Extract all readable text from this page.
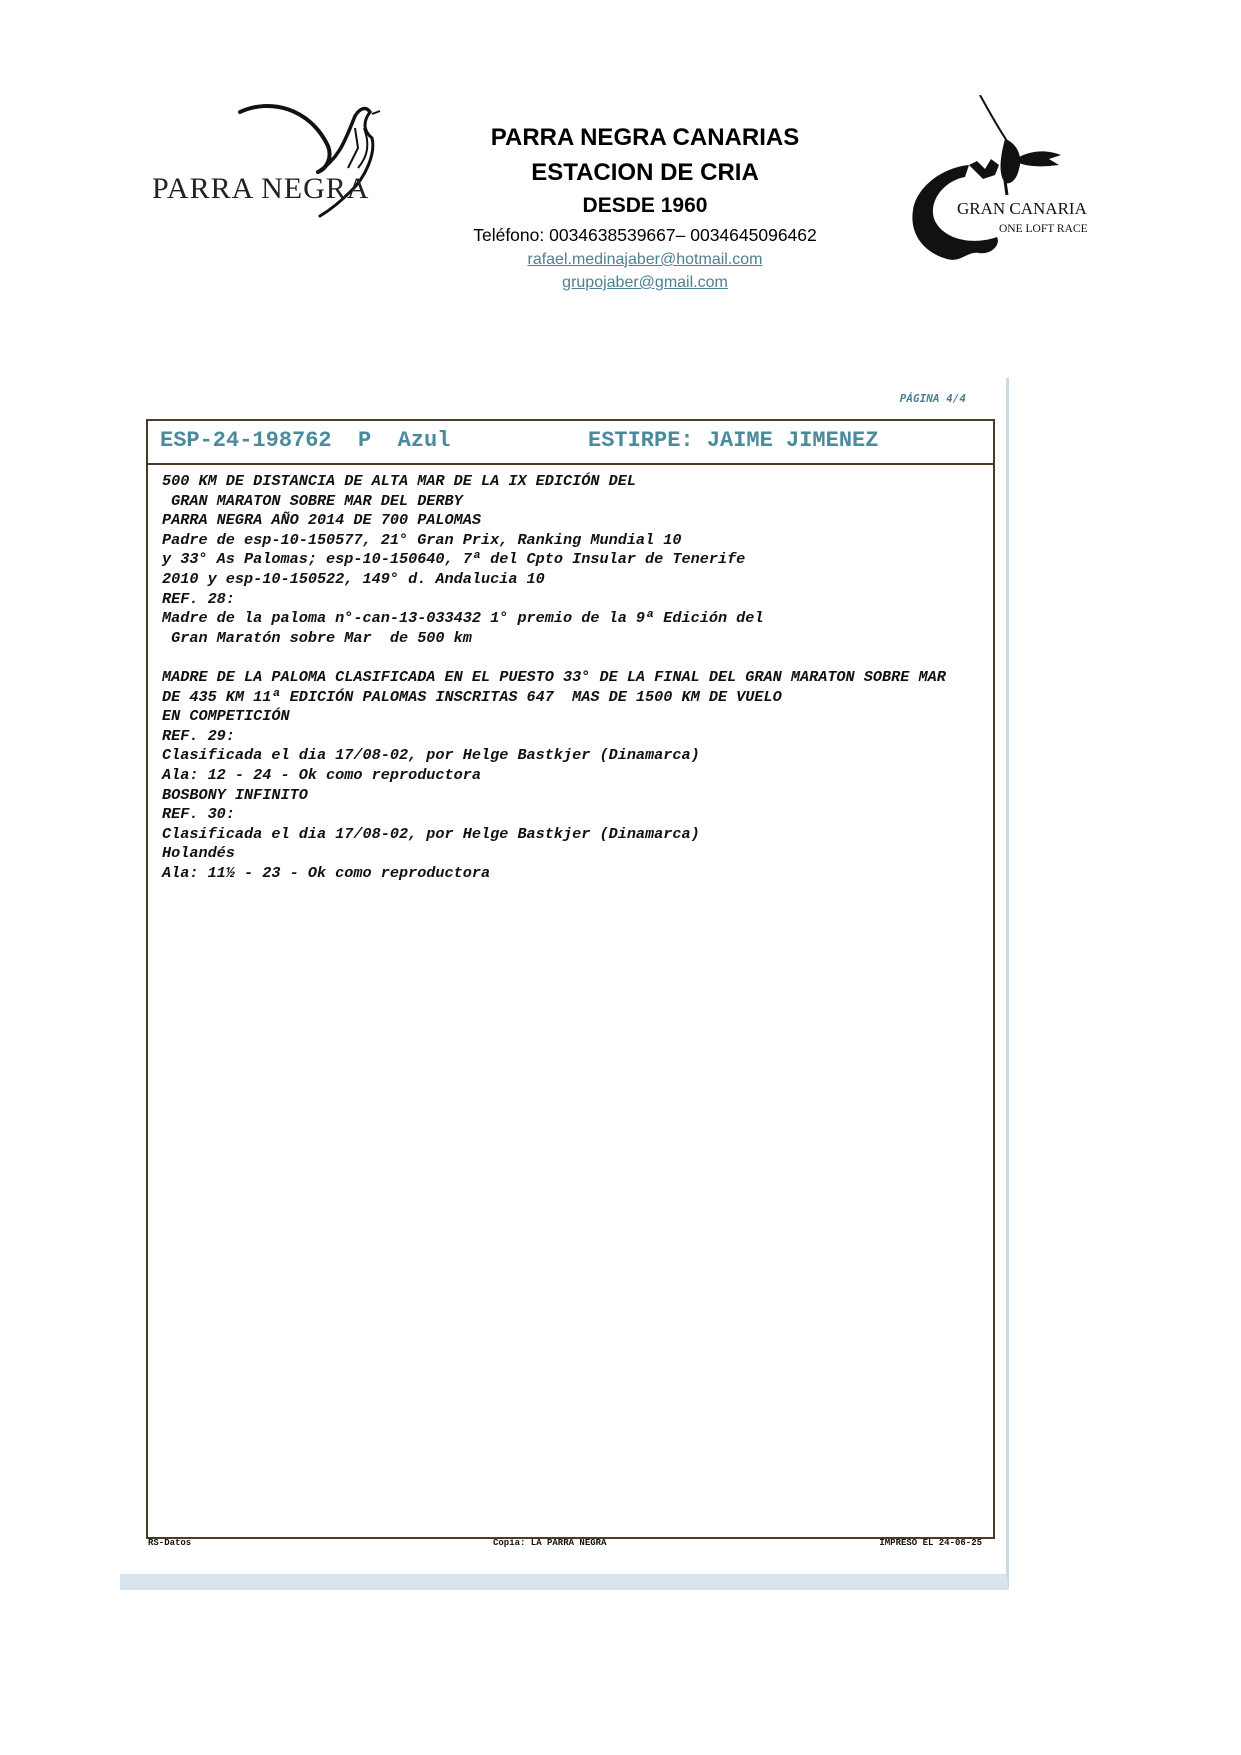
PARRA NEGRA
PARRA NEGRA CANARIAS
ESTACION DE CRIA
DESDE 1960
Teléfono: 0034638539667– 0034645096462
rafael.medinajaber@hotmail.com
grupojaber@gmail.com
GRAN CANARIA
ONE LOFT RACE
PÁGINA 4/4
ESP-24-198762  P  Azul	ESTIRPE: JAIME JIMENEZ
500 KM DE DISTANCIA DE ALTA MAR DE LA IX EDICIÓN DEL
GRAN MARATON SOBRE MAR DEL DERBY
PARRA NEGRA AÑO 2014 DE 700 PALOMAS
Padre de esp-10-150577, 21° Gran Prix, Ranking Mundial 10
y 33° As Palomas; esp-10-150640, 7ª del Cpto Insular de Tenerife
2010 y esp-10-150522, 149° d. Andalucia 10
REF. 28:
Madre de la paloma n°-can-13-033432 1° premio de la 9ª Edición del
Gran Maratón sobre Mar  de 500 km
MADRE DE LA PALOMA CLASIFICADA EN EL PUESTO 33° DE LA FINAL DEL GRAN MARATON SOBRE MAR
DE 435 KM 11ª EDICIÓN PALOMAS INSCRITAS 647  MAS DE 1500 KM DE VUELO
EN COMPETICIÓN
REF. 29:
Clasificada el dia 17/08-02, por Helge Bastkjer (Dinamarca)
Ala: 12 - 24 - Ok como reproductora
BOSBONY INFINITO
REF. 30:
Clasificada el dia 17/08-02, por Helge Bastkjer (Dinamarca)
Holandés
Ala: 11½ - 23 - Ok como reproductora
RS-Datos	Copia: LA PARRA NEGRA	IMPRESO EL 24-06-25
